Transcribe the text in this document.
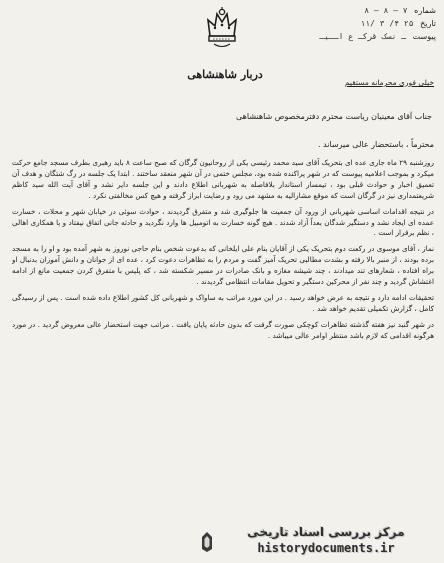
دربار شاهنشاهی
شماره ۷ — ۸ — ۸
تاریخ ۲۵ ۴/ ۳ /۱۱
پیوست ـ نسک قرکـ ع اــیـ
خیلی فوری محرمانه مستقیم
جناب آقای معینیان ریاست محترم دفترمخصوص شاهنشاهی
محترماً ، باستحضار عالی میرساند .

روزشنبه ۲۹ ماه جاری عده ای بتحریک آقای سید محمد رئیسی یکی از روحانیون گرگان که صبح ساعت ۸ باید رهبری بطرف مسجد جامع حرکت میکرد و بموجب اعلامیه پیوست که در شهر پراکنده شده بود، مجلس ختمی در آن شهر منعقد ساختند . ابتدا یک جلسه در رگ شتگان و هدف آن تعمیق اخبار و حوادث قبلی بود ، تیمسار استاندار بلافاصله به شهربانی اطلاع دادند و این جلسه دایر نشد و آقای آیت الله سید کاظم شریعتمداری نیز در گرگان است که موقع مشارالیه به مشهد می رود و رضایت ابراز گرفته و هیچ کس مخالفتی نکرد .

در نتیجه اقدامات اساسی شهربانی از ورود آن جمعیت ها جلوگیری شد و متفرق گردیدند ، حوادث سوئی در خیابان شهر و محلات ، خسارت عمده ای ایجاد نشد و دستگیر شدگان بعداً آزاد شدند . هیچ گونه خسارت به اتومبیل ها وارد نگردید و حادثه جانی اتفاق نیفتاد و با همکاری اهالی ، نظم برقرار است .

نماز ، آقای موسوی در رکعت دوم بتحریک یکی از آقایان بنام علی ایلخانی که بدعوت شخص بنام حاجی نوروز به شهر آمده بود و او را به مسجد برده بودند ، از منبر بالا رفته و بشدت مطالبی تحریک آمیز گفت و مردم را به تظاهرات دعوت کرد ، عده ای از جوانان و دانش آموزان بدنبال او براه افتاده ، شعارهای تند میدادند ، چند شیشه مغازه و بانک صادرات در مسیر شکسته شد ، که پلیس با متفرق کردن جمعیت مانع از ادامه اغتشاش گردید و چند نفر از محرکین دستگیر و تحویل مقامات انتظامی گردیدند .

تحقیقات ادامه دارد و نتیجه به عرض خواهد رسید . در این مورد مراتب به ساواک و شهربانی کل کشور اطلاع داده شده است . پس از رسیدگی کامل ، گزارش تکمیلی تقدیم خواهد شد .

در شهر گنبد نیز هفته گذشته تظاهرات کوچکی صورت گرفت که بدون حادثه پایان یافت . مراتب جهت استحضار عالی معروض گردید . در مورد هرگونه اقدامی که لازم باشد منتظر اوامر عالی میباشد .

مرکز بررسی اسناد تاریخی
historydocuments.ir
